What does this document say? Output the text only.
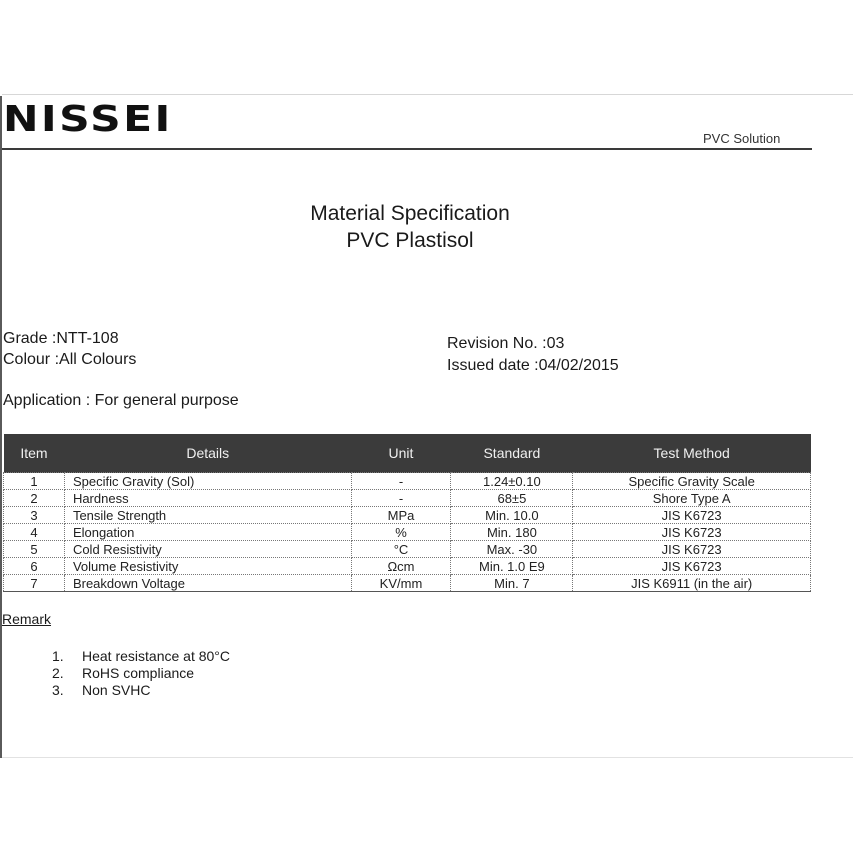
NISSEI	PVC Solution
Material Specification
PVC Plastisol
Grade :NTT-108
Colour :All Colours
Revision No. :03
Issued date :04/02/2015
Application : For general purpose
Item	Details	Unit	Standard	Test Method
1	Specific Gravity (Sol)	-	1.24±0.10	Specific Gravity Scale
2	Hardness	-	68±5	Shore Type A
3	Tensile Strength	MPa	Min. 10.0	JIS K6723
4	Elongation	%	Min. 180	JIS K6723
5	Cold Resistivity	°C	Max. -30	JIS K6723
6	Volume Resistivity	Ωcm	Min. 1.0 E9	JIS K6723
7	Breakdown Voltage	KV/mm	Min. 7	JIS K6911 (in the air)
Remark
1. Heat resistance at 80°C
2. RoHS compliance
3. Non SVHC
